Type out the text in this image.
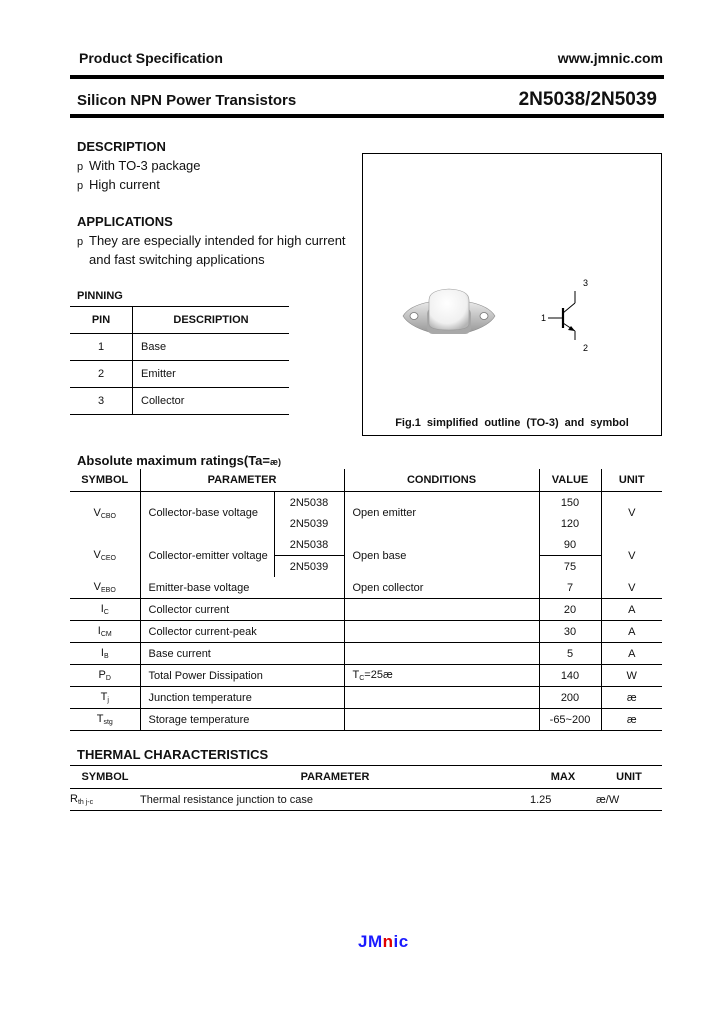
Product Specification	www.jmnic.com
Silicon NPN Power Transistors	2N5038/2N5039
DESCRIPTION
p With TO-3 package
p High current
APPLICATIONS
p They are especially intended for high current
and fast switching applications
PINNING
PIN	DESCRIPTION
1	Base
2	Emitter
3	Collector
3
1
2
Fig.1 simplified outline (TO-3) and symbol
Absolute maximum ratings(Ta=æ)
SYMBOL	PARAMETER		CONDITIONS	VALUE	UNIT
$V_{CBO}$	Collector-base voltage	2N5038	Open emitter	150	V
		2N5039		120	
$V_{CEO}$	Collector-emitter voltage	2N5038	Open base	90	V
		2N5039		75	
$V_{EBO}$	Emitter-base voltage		Open collector	7	V
$I_C$	Collector current			20	A
$I_{CM}$	Collector current-peak			30	A
$I_B$	Base current			5	A
$P_D$	Total Power Dissipation		$T_C=25æ$	140	W
$T_j$	Junction temperature			200	æ
$T_{stg}$	Storage temperature			-65~200	æ
THERMAL CHARACTERISTICS
SYMBOL	PARAMETER	MAX	UNIT
$R_{th j-c}$	Thermal resistance junction to case	1.25	æ/W
JMnic
